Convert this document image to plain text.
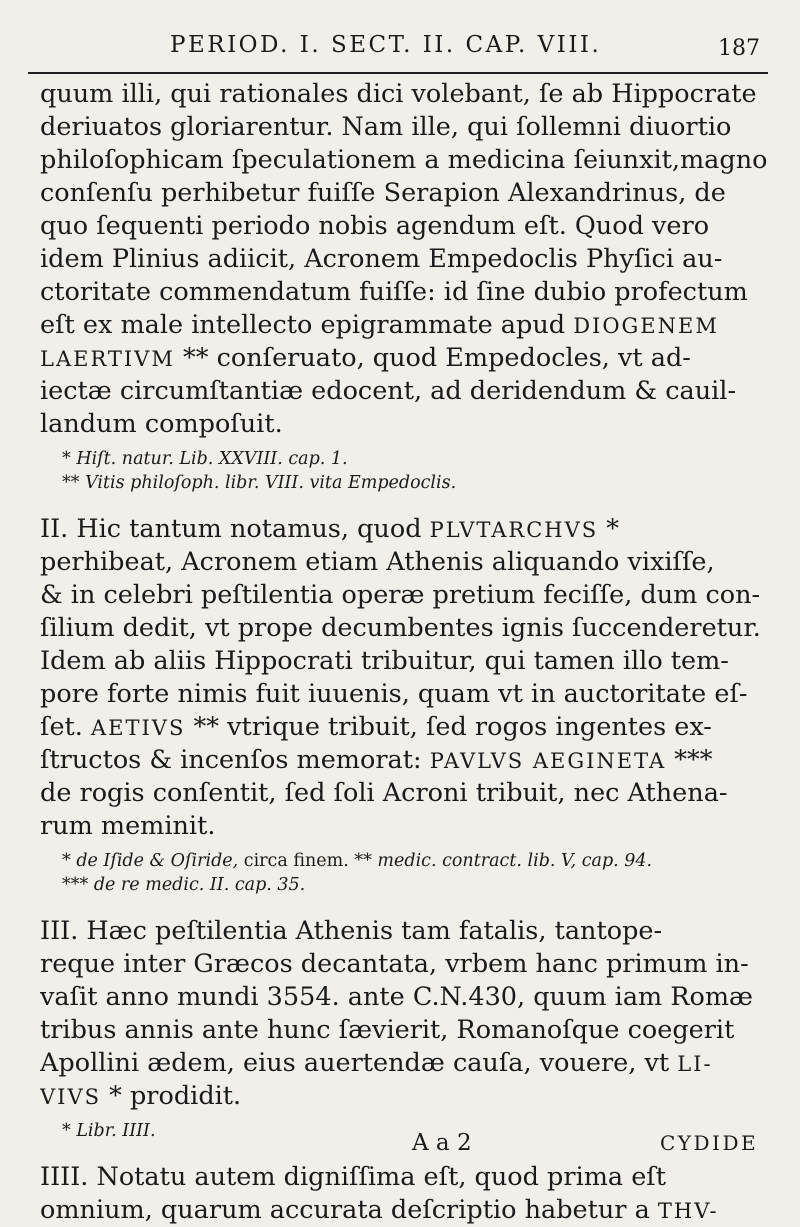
PERIOD. I. SECT. II. CAP. VIII.	187
quum illi, qui rationales dici volebant, ſe ab Hippocrate
deriuatos gloriarentur. Nam ille, qui ſollemni diuortio
philoſophicam ſpeculationem a medicina ſeiunxit,magno
conſenſu perhibetur fuiſſe Serapion Alexandrinus, de
quo ſequenti periodo nobis agendum eſt. Quod vero
idem Plinius adiicit, Acronem Empedoclis Phyſici au-
ctoritate commendatum fuiſſe: id ſine dubio profectum
eſt ex male intellecto epigrammate apud DIOGENEM
LAERTIVM ** conſeruato, quod Empedocles, vt ad-
iectæ circumſtantiæ edocent, ad deridendum & cauil-
landum compoſuit.
* Hiſt. natur. Lib. XXVIII. cap. 1.
** Vitis philoſoph. libr. VIII. vita Empedoclis.
II. Hic tantum notamus, quod PLVTARCHVS *
perhibeat, Acronem etiam Athenis aliquando vixiſſe,
& in celebri peſtilentia operæ pretium feciſſe, dum con-
ſilium dedit, vt prope decumbentes ignis ſuccenderetur.
Idem ab aliis Hippocrati tribuitur, qui tamen illo tem-
pore forte nimis fuit iuuenis, quam vt in auctoritate eſ-
ſet. AETIVS ** vtrique tribuit, ſed rogos ingentes ex-
ſtructos & incenſos memorat: PAVLVS AEGINETA ***
de rogis conſentit, ſed ſoli Acroni tribuit, nec Athena-
rum meminit.
* de Iſide & Oſiride, circa finem. ** medic. contract. lib. V, cap. 94.
*** de re medic. II. cap. 35.
III. Hæc peſtilentia Athenis tam fatalis, tantope-
reque inter Græcos decantata, vrbem hanc primum in-
vaſit anno mundi 3554. ante C.N.430, quum iam Romæ
tribus annis ante hunc ſævierit, Romanoſque coegerit
Apollini ædem, eius auertendæ cauſa, vouere, vt LI-
VIVS * prodidit.
* Libr. IIII.
IIII. Notatu autem digniſſima eſt, quod prima eſt
omnium, quarum accurata deſcriptio habetur a THV-
A a 2	CYDIDE
